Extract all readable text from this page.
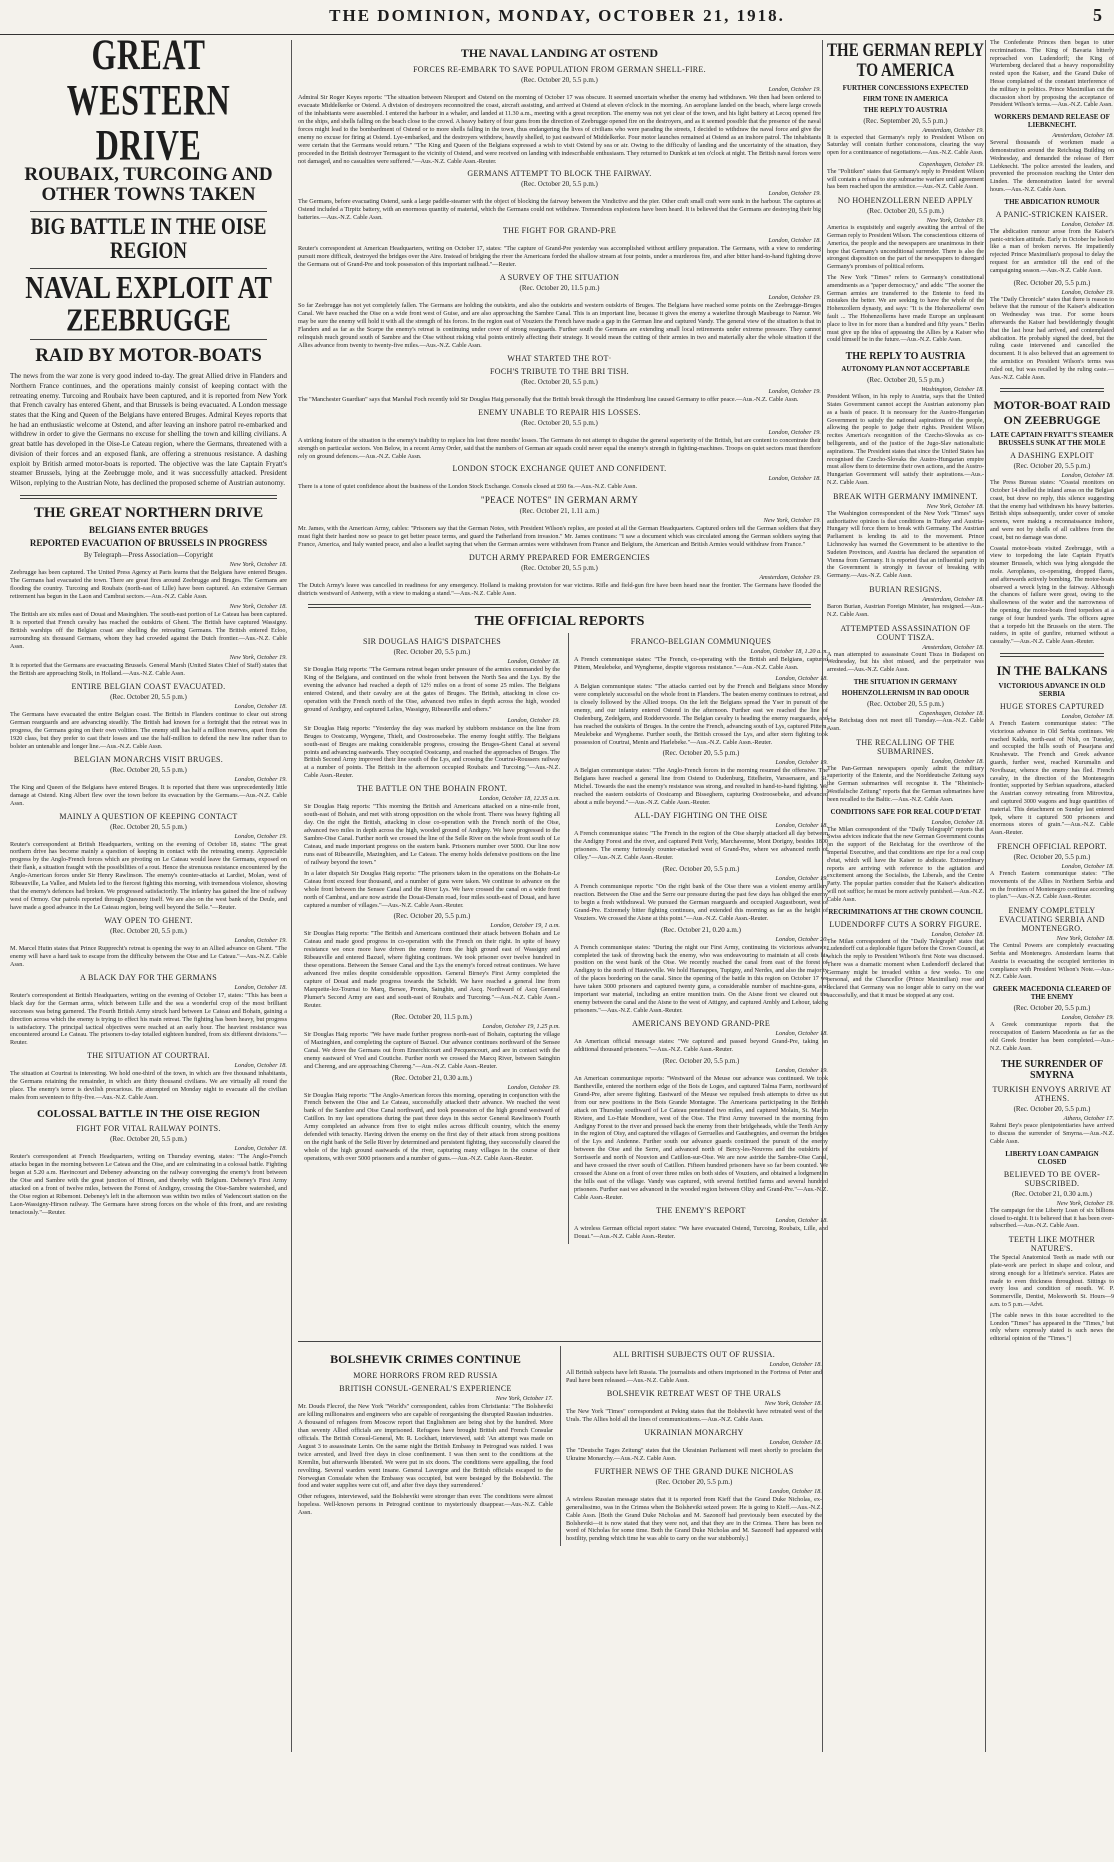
THE DOMINION, MONDAY, OCTOBER 21, 1918.	5
GREAT WESTERN DRIVE
ROUBAIX, TURCOING AND OTHER TOWNS TAKEN
BIG BATTLE IN THE OISE REGION
NAVAL EXPLOIT AT ZEEBRUGGE
RAID BY MOTOR-BOATS

The news from the war zone is very good indeed to-day. The great Allied drive in Flanders and Northern France continues, and the operations mainly consist of keeping contact with the retreating enemy. Turcoing and Roubaix have been captured, and it is reported from New York that French cavalry has entered Ghent, and that Brussels is being evacuated. A London message states that the King and Queen of the Belgians have entered Bruges. Admiral Keyes reports that he had an enthusiastic welcome at Ostend, and after leaving an inshore patrol re-embarked and withdrew in order to give the Germans no excuse for shelling the town and killing civilians. A great battle has developed in the Oise-Le Cateau region, where the Germans, threatened with a division of their forces and an exposed flank, are offering a strenuous resistance. A dashing exploit by British armed motor-boats is reported. The objective was the late Captain Fryatt's steamer Brussels, lying at the Zeebrugge mole, and it was successfully attacked. President Wilson, replying to the Austrian Note, has declined the proposed scheme of Austrian autonomy.

THE GREAT NORTHERN DRIVE
BELGIANS ENTER BRUGES
REPORTED EVACUATION OF BRUSSELS IN PROGRESS
By Telegraph—Press Association—Copyright
New York, October 18.

Zeebrugge has been captured. The United Press Agency at Paris learns that the Belgians have entered Bruges. The Germans had evacuated the town. There are great fires around Zeebrugge and Bruges. The Germans are flooding the country. Turcoing and Roubaix (north-east of Lille) have been captured. An extensive German retirement has begun in the Laon and Cambrai sectors.—Aus.-N.Z. Cable Assn.

New York, October 18.

The British are six miles east of Douai and Masinghien. The south-east portion of Le Cateau has been captured. It is reported that French cavalry has reached the outskirts of Ghent. The British have captured Wassigny. British warships off the Belgian coast are shelling the retreating Germans. The British entered Ecloo, surrounding six thousand Germans, whom they had crowded against the Dutch frontier.—Aus.-N.Z. Cable Assn.

New York, October 19.

It is reported that the Germans are evacuating Brussels. General Marsh (United States Chief of Staff) states that the British are approaching Stolk, in Holland.—Aus.-N.Z. Cable Assn.

ENTIRE BELGIAN COAST EVACUATED.
(Rec. October 20, 5.5 p.m.)
London, October 18.

The Germans have evacuated the entire Belgian coast. The British in Flanders continue to clear out strong German rearguards and are advancing steadily. The British had known for a fortnight that the retreat was in progress, the Germans going on their own volition. The enemy still has half a million reserves, apart from the 1920 class, but they prefer to cast their losses and use the half-million to defend the new line rather than to bolster an untenable and longer line.—Aus.-N.Z. Cable Assn.

BELGIAN MONARCHS VISIT BRUGES.
(Rec. October 20, 5.5 p.m.)
London, October 19.

The King and Queen of the Belgians have entered Bruges. It is reported that there was unprecedentedly little damage at Ostend. King Albert flew over the town before its evacuation by the Germans.—Aus.-N.Z. Cable Assn.

MAINLY A QUESTION OF KEEPING CONTACT
(Rec. October 20, 5.5 p.m.)
London, October 19.

Reuter's correspondent at British Headquarters, writing on the evening of October 18, states: "The great northern drive has become mainly a question of keeping in contact with the retreating enemy. Appreciable progress by the Anglo-French forces which are pivoting on Le Cateau would leave the Germans, exposed on their flank, a situation fraught with the possibilities of a rout. Hence the strenuous resistance encountered by the Anglo-American forces under Sir Henry Rawlinson. The enemy's counter-attacks at Lardiei, Molan, west of Ribeauville, La Vallee, and Mulets led to the fiercest fighting this morning, with tremendous violence, showing that the enemy's defences had broken. We progressed satisfactorily. The infantry has gained the line of railway west of Ormoy. Our patrols reported through Quesnoy itself. We are also on the west bank of the Deule, and have made a good advance in the Le Cateau region, being well beyond the Selle."—Reuter.

WAY OPEN TO GHENT.
(Rec. October 20, 5.5 p.m.)
London, October 19.

M. Marcel Hutin states that Prince Rupprecht's retreat is opening the way to an Allied advance on Ghent. "The enemy will have a hard task to escape from the difficulty between the Oise and Le Cateau."—Aus.-N.Z. Cable Assn.

A BLACK DAY FOR THE GERMANS
London, October 18.

Reuter's correspondent at British Headquarters, writing on the evening of October 17, states: "This has been a black day for the German arms, which between Lille and the sea a wonderful crop of the most brilliant successes was being garnered. The Fourth British Army struck hard between Le Cateau and Bohain, gaining a direction across which the enemy is trying to effect his main retreat. The fighting has been heavy, but progress is satisfactory. The principal tactical objectives were reached at an early hour. The heaviest resistance was encountered around Le Cateau. The prisoners to-day totalled eighteen hundred, from six different divisions."—Reuter.

THE SITUATION AT COURTRAI.
London, October 18.

The situation at Courtrai is interesting. We hold one-third of the town, in which are five thousand inhabitants, the Germans retaining the remainder, in which are thirty thousand civilians. We are virtually all round the place. The enemy's terror is devilish precarious. He attempted on Monday night to evacuate all the civilian males from seventeen to fifty-five.—Aus.-N.Z. Cable Assn.

COLOSSAL BATTLE IN THE OISE REGION
FIGHT FOR VITAL RAILWAY POINTS.
(Rec. October 20, 5.5 p.m.)
London, October 18.

Reuter's correspondent at French Headquarters, writing on Thursday evening, states: "The Anglo-French attacks began in the morning between Le Cateau and the Oise, and are culminating in a colossal battle. Fighting began at 5.20 a.m. Havincourt and Debeney advancing on the railway converging the enemy's front between the Oise and Sambre with the great junction of Hirson, and thereby with Belgium. Debeney's First Army attacked on a front of twelve miles, between the Forest of Andigny, crossing the Oise-Sambre watershed, and the Oise region at Ribemont. Debeney's left in the afternoon was within two miles of Vadencourt station on the Laon-Wassigny-Hirson railway. The Germans have strong forces on the whole of this front, and are resisting tenaciously."—Reuter.

THE NAVAL LANDING AT OSTEND
FORCES RE-EMBARK TO SAVE POPULATION FROM GERMAN SHELL-FIRE.
(Rec. October 20, 5.5 p.m.)
London, October 19.

Admiral Sir Roger Keyes reports: "The situation between Nieuport and Ostend on the morning of October 17 was obscure. It seemed uncertain whether the enemy had withdrawn. We then had been ordered to evacuate Middelkerke or Ostend. A division of destroyers reconnoitred the coast, aircraft assisting, and arrived at Ostend at eleven o'clock in the morning. An aeroplane landed on the beach, where large crowds of the inhabitants were assembled. I entered the harbour in a whaler, and landed at 11.30 a.m., meeting with a great reception. The enemy was not yet clear of the town, and his light battery at Lecoq opened fire on the ships, and shells falling on the beach close to the crowd. A heavy battery of four guns from the direction of Zeebrugge opened fire on the destroyers, and as it seemed possible that the presence of the naval forces might lead to the bombardment of Ostend or to more shells falling in the town, thus endangering the lives of civilians who were parading the streets, I decided to withdraw the naval force and give the enemy no excuse for firing at Ostend. Lye-embarked, and the destroyers withdrew, heavily shelled, to just eastward of Middelkerke. Four motor launches remained at Ostend as an inshore patrol. The inhabitants were certain that the Germans would return." "The King and Queen of the Belgians expressed a wish to visit Ostend by sea or air. Owing to the difficulty of landing and the uncertainty of the situation, they proceeded in the British destroyer Termagant to the vicinity of Ostend, and were received on landing with indescribable enthusiasm. They returned to Dunkirk at ten o'clock at night. The British naval forces were not damaged, and no casualties were suffered."—Aus.-N.Z. Cable Assn.-Reuter.

GERMANS ATTEMPT TO BLOCK THE FAIRWAY.
(Rec. October 20, 5.5 p.m.)
London, October 19.

The Germans, before evacuating Ostend, sank a large paddle-steamer with the object of blocking the fairway between the Vindictive and the pier. Other craft small craft were sunk in the harbour. The captures at Ostend included a Tirpitz battery, with an enormous quantity of material, which the Germans could not withdraw. Tremendous explosions have been heard. It is believed that the Germans are destroying their big batteries.—Aus.-N.Z. Cable Assn.

THE FIGHT FOR GRAND-PRE
London, October 18.

Reuter's correspondent at American Headquarters, writing on October 17, states: "The capture of Grand-Pre yesterday was accomplished without artillery preparation. The Germans, with a view to rendering pursuit more difficult, destroyed the bridges over the Aire. Instead of bridging the river the Americans forded the shallow stream at four points, under a murderous fire, and after bitter hand-to-hand fighting drove the Germans out of Grand-Pre and took possession of this important railhead."—Reuter.

A SURVEY OF THE SITUATION
(Rec. October 20, 11.5 p.m.)
London, October 19.

So far Zeebrugge has not yet completely fallen. The Germans are holding the outskirts, and also the outskirts and western outskirts of Bruges. The Belgians have reached some points on the Zeebrugge-Bruges Canal. We have reached the Oise on a wide front west of Guise, and are also approaching the Sambre Canal. This is an important line, because it gives the enemy a waterline through Maubeuge to Namur. We may be sure the enemy will hold it with all the strength of his forces. In the region east of Vouziers the French have made a gap in the German line and captured Vandy. The general view of the situation is that in Flanders and as far as the Scarpe the enemy's retreat is continuing under cover of strong rearguards. Further south the Germans are extending small local retirements under extreme pressure. They cannot relinquish much ground south of Sambre and the Oise without risking vital points entirely affecting their strategy. It would mean the cutting of their armies in two and materially alter the whole situation if the Allies advance from twenty to twenty-five miles.—Aus.-N.Z. Cable Assn.

WHAT STARTED THE ROT·
FOCH'S TRIBUTE TO THE BRI TISH.
(Rec. October 20, 5.5 p.m.)
London, October 19.

The "Manchester Guardian" says that Marshal Foch recently told Sir Douglas Haig personally that the British break through the Hindenburg line caused Germany to offer peace.—Aus.-N.Z. Cable Assn.

ENEMY UNABLE TO REPAIR HIS LOSSES.
(Rec. October 20, 5.5 p.m.)
London, October 19.

A striking feature of the situation is the enemy's inability to replace his lost three months' losses. The Germans do not attempt to disguise the general superiority of the British, but are content to concentrate their strength on particular sectors. Von Below, in a recent Army Order, said that the numbers of German air squads could never equal the enemy's strength in fighting-machines. Troops on quiet sectors must therefore rely on ground defences.—Aus.-N.Z. Cable Assn.

LONDON STOCK EXCHANGE QUIET AND CONFIDENT.
London, October 18.

There is a tone of quiet confidence about the business of the London Stock Exchange. Consols closed at £60 6s.—Aus.-N.Z. Cable Assn.

"PEACE NOTES" IN GERMAN ARMY
(Rec. October 21, 1.11 a.m.)
New York, October 19.

Mr. James, with the American Army, cables: "Prisoners say that the German Notes, with President Wilson's replies, are posted at all the German Headquarters. Captured orders tell the German soldiers that they must fight their hardest now so peace to get better peace terms, and guard the Fatherland from invasion." Mr. James continues: "I saw a document which was circulated among the German soldiers saying that France, America, and Italy wanted peace, and also a leaflet saying that when the German armies were withdrawn from France and Belgium, the American and British Armies would withdraw from France."

DUTCH ARMY PREPARED FOR EMERGENCIES
(Rec. October 20, 5.5 p.m.)
Amsterdam, October 19.

The Dutch Army's leave was cancelled in readiness for any emergency. Holland is making provision for war victims. Rifle and field-gun fire have been heard near the frontier. The Germans have flooded the districts westward of Antwerp, with a view to making a stand."—Aus.-N.Z. Cable Assn.

THE OFFICIAL REPORTS
SIR DOUGLAS HAIG'S DISPATCHES
(Rec. October 20, 5.5 p.m.)
London, October 18.

Sir Douglas Haig reports: "The Germans retreat began under pressure of the armies commanded by the King of the Belgians, and continued on the whole front between the North Sea and the Lys. By the evening the advance had reached a depth of 12½ miles on a front of some 25 miles. The Belgians entered Ostend, and their cavalry are at the gates of Bruges. The British, attacking in close co-operation with the French north of the Oise, advanced two miles in depth across the high, wooded ground of Andigny, and captured Lelies, Wassigny, Ribeauville and others."

London, October 19.

Sir Douglas Haig reports: "Yesterday the day was marked by stubborn resistance on the line from Bruges to Oostcamp, Wyngene, Thielt, and Oostroosebeke. The enemy fought stiffly. The Belgians south-east of Bruges are making considerable progress, crossing the Bruges-Ghent Canal at several points and advancing eastwards. They occupied Oostcamp, and reached the approaches of Bruges. The British Second Army improved their line south of the Lys, and crossing the Courtrai-Roussers railway at a number of points. The British in the afternoon occupied Roubaix and Turcoing."—Aus.-N.Z. Cable Assn.-Reuter.

THE BATTLE ON THE BOHAIN FRONT.
London, October 18, 12.35 a.m.

Sir Douglas Haig reports: "This morning the British and Americans attacked on a nine-mile front, south-east of Bohain, and met with strong opposition on the whole front. There was heavy fighting all day. On the right the British, attacking in close co-operation with the French north of the Oise, advanced two miles in depth across the high, wooded ground of Andigny. We have progressed to the Sambre-Oise Canal. Further north we crossed the line of the Selle River on the whole front south of Le Cateau, and made important progress on the eastern bank. Prisoners number over 5000. Our line now runs east of Ribeauville, Mazinghien, and Le Cateau. The enemy holds defensive positions on the line of railway beyond the town."

In a later dispatch Sir Douglas Haig reports: "The prisoners taken in the operations on the Bohain-Le Cateau front exceed four thousand, and a number of guns were taken. We continue to advance on the whole front between the Sensee Canal and the River Lys. We have crossed the canal on a wide front north of Cambrai, and are now astride the Douai-Denain road, four miles south-east of Douai, and have captured a number of villages."—Aus.-N.Z. Cable Assn.-Reuter.

(Rec. October 20, 5.5 p.m.)
London, October 19, 1 a.m.

Sir Douglas Haig reports: "The British and Americans continued their attack between Bohain and Le Cateau and made good progress in co-operation with the French on their right. In spite of heavy resistance we once more have driven the enemy from the high ground east of Wassigny and Ribeauville and entered Bazuel, where fighting continues. We took prisoner over twelve hundred in these operations. Between the Sensee Canal and the Lys the enemy's forced retreat continues. We have advanced five miles despite considerable opposition. General Birney's First Army completed the capture of Douai and made progress towards the Scheldt. We have reached a general line from Marquette-lez-Tournai to Marq, Bersee, Pronin, Sainghin, and Ascq. Northward of Ascq General Plumer's Second Army are east and south-east of Roubaix and Turcoing."—Aus.-N.Z. Cable Assn.-Reuter.

(Rec. October 20, 11.5 p.m.)
London, October 19, 1.25 p.m.

Sir Douglas Haig reports: "We have made further progress north-east of Bohain, capturing the village of Mazinghien, and completing the capture of Bazuel. Our advance continues northward of the Sensee Canal. We drove the Germans out from Emerchicourt and Pecquencourt, and are in contact with the enemy eastward of Vred and Coutiche. Further north we crossed the Marcq River, between Sainghin and Chereng, and are approaching Chereng."—Aus.-N.Z. Cable Assn.-Reuter.

(Rec. October 21, 0.30 a.m.)
London, October 19.

Sir Douglas Haig reports: "The Anglo-American forces this morning, operating in conjunction with the French between the Oise and Le Cateau, successfully attacked their advance. We reached the west bank of the Sambre and Oise Canal northward, and took possession of the high ground westward of Catillon. In my last operations during the past three days in this sector General Rawlinson's Fourth Army completed an advance from five to eight miles across difficult country, which the enemy defended with tenacity. Having driven the enemy on the first day of their attack from strong positions on the right bank of the Selle River by determined and persistent fighting, they successfully cleared the whole of the high ground eastwards of the river, capturing many villages in the course of their operations, with over 5000 prisoners and a number of guns.—Aus.-N.Z. Cable Assn.-Reuter.

FRANCO-BELGIAN COMMUNIQUES
London, October 18, 1.20 a.m.

A French communique states: "The French, co-operating with the British and Belgians, captured Pittem, Meulebeke, and Wyngheme, despite vigorous resistance."—Aus.-N.Z. Cable Assn.

London, October 18.

A Belgian communique states: "The attacks carried out by the French and Belgians since Monday were completely successful on the whole front in Flanders. The beaten enemy continues to retreat, and is closely followed by the Allied troops. On the left the Belgians spread the Yser in pursuit of the enemy, and our infantry entered Ostend in the afternoon. Further east we reached the line of Oudenburg, Zedelgem, and Roddervoorde. The Belgian cavalry is heading the enemy rearguards, and has reached the outskirts of Bruges. In the centre the French, advancing south of Lys, captured Pittem, Meulebeke and Wyngheme. Further south, the British crossed the Lys, and after stern fighting took possession of Courtrai, Menin and Harlebeke."—Aus.-N.Z. Cable Assn.-Reuter.

(Rec. October 20, 5.5 p.m.)
London, October 19.

A Belgian communique states: "The Anglo-French forces in the morning resumed the offensive. The Belgians have reached a general line from Ostend to Oudenburg, Ettelheim, Varssenaere, and St. Michel. Towards the east the enemy's resistance was strong, and resulted in hand-to-hand fighting. We reached the eastern outskirts of Oostcamp and Bisseghem, capturing Oostroosebeke, and advanced about a mile beyond."—Aus.-N.Z. Cable Assn.-Reuter.

ALL-DAY FIGHTING ON THE OISE
London, October 18.

A French communique states: "The French in the region of the Oise sharply attacked all day between the Andigny Forest and the river, and captured Petit Verly, Marchavenne, Mont Dorigny, besides 1800 prisoners. The enemy furiously counter-attacked west of Grand-Pre, where we advanced north of Olley."—Aus.-N.Z. Cable Assn.-Reuter.

(Rec. October 20, 5.5 p.m.)
London, October 19.

A French communique reports: "On the right bank of the Oise there was a violent enemy artillery reaction. Between the Oise and the Serre our pressure during the past few days has obliged the enemy to begin a fresh withdrawal. We pursued the German rearguards and occupied Augustbourt, west of Grand-Pre. Extremely bitter fighting continues, and extended this morning as far as the height of Vouziers. We crossed the Aisne at this point."—Aus.-N.Z. Cable Assn.-Reuter.

(Rec. October 21, 0.20 a.m.)
London, October 20.

A French communique states: "During the night our First Army, continuing its victorious advance, completed the task of throwing back the enemy, who was endeavouring to maintain at all costs his position on the west bank of the Oise. We recently reached the canal from east of the forest of Andigny to the north of Hautevville. We hold Hannappes, Tupigny, and Nerdes, and also the majority of the places bordering on the canal. Since the opening of the battle in this region on October 17 we have taken 3000 prisoners and captured twenty guns, a considerable number of machine-guns, and important war material, including an entire munition train. On the Aisne front we cleared out the enemy between the canal and the Aisne to the west of Attigny, and captured Ambly and Lehour, taking prisoners."—Aus.-N.Z. Cable Assn.-Reuter.

AMERICANS BEYOND GRAND-PRE
London, October 18.

An American official message states: "We captured and passed beyond Grand-Pre, taking an additional thousand prisoners."—Aus.-N.Z. Cable Assn.-Reuter.

(Rec. October 20, 5.5 p.m.)
London, October 19.

An American communique reports: "Westward of the Meuse our advance was continued. We took Bantheville, entered the northern edge of the Bois de Loges, and captured Talma Farm, northward of Grand-Pre, after severe fighting. Eastward of the Meuse we repulsed fresh attempts to drive us out from our new positions in the Bois Grande Montagne. The Americans participating in the British attack on Thursday southward of Le Cateau penetrated two miles, and captured Molain, St. Martin Riviere, and Lo-Haie Mondiere, west of the Oise. The First Army traversed in the morning from Andigny Forest to the river and pressed back the enemy from their bridgeheads, while the Tenth Army in the region of Oisy, and captured the villages of Gerruelles and Gauthegnies, and overran the bridges of the Lys and Andenne. Further south our advance guards continued the pursuit of the enemy between the Oise and the Serre, and advanced north of Bercy-les-Nouvres and the outskirts of Sorrisserle and north of Nouvion and Catillon-sur-Oise. We are now astride the Sambre-Oise Canal, and have crossed the river south of Catillon. Fifteen hundred prisoners have so far been counted. We crossed the Aisne on a front of over three miles on both sides of Vouziers, and obtained a lodgment in the hills east of the village. Vandy was captured, with several fortified farms and several hundred prisoners. Further east we advanced in the wooded region between Olizy and Grand-Pre."—Aus.-N.Z. Cable Assn.-Reuter.

THE ENEMY'S REPORT
London, October 18.

A wireless German official report states: "We have evacuated Ostend, Turcoing, Roubaix, Lille, and Douai."—Aus.-N.Z. Cable Assn.-Reuter.

BOLSHEVIK CRIMES CONTINUE
MORE HORRORS FROM RED RUSSIA
BRITISH CONSUL-GENERAL'S EXPERIENCE
New York, October 17.

Mr. Douds Flecrof, the New York "World's" correspondent, cables from Christiania: "The Bolsheviki are killing millionaires and engineers who are capable of reorganising the disrupted Russian industries. A thousand of refugees from Moscow report that Englishmen are being shot by the hundred. More than seventy Allied officials are imprisoned. Refugees have brought British and French Consular officials. The British Consul-General, Mr. R. Lockhart, interviewed, said: 'An attempt was made on August 3 to assassinate Lenin. On the same night the British Embassy in Petrograd was raided. I was twice arrested, and lived five days in close confinement. I was then sent to the conditions at the Kremlin, but afterwards liberated. We were put in six doors. The conditions were appalling, the food revolting. Several warders went insane. General Lavergne and the British officials escaped to the Norwegian Consulate when the Embassy was occupied, but were besieged by the Bolsheviki. The food and water supplies were cut off, and after five days they surrendered.'

Other refugees, interviewed, said the Bolsheviki were stronger than ever. The conditions were almost hopeless. Well-known persons in Petrograd continue to mysteriously disappear.—Aus.-N.Z. Cable Assn.

ALL BRITISH SUBJECTS OUT OF RUSSIA.
London, October 18.

All British subjects have left Russia. The journalists and others imprisoned in the Fortress of Peter and Paul have been released.—Aus.-N.Z. Cable Assn.

BOLSHEVIK RETREAT WEST OF THE URALS
New York, October 18.

The New York "Times" correspondent at Peking states that the Bolsheviki have retreated west of the Urals. The Allies hold all the lines of communications.—Aus.-N.Z. Cable Assn.

UKRAINIAN MONARCHY
London, October 18.

The "Deutsche Tages Zeitung" states that the Ukrainian Parliament will meet shortly to proclaim the Ukraine Monarchy.—Aus.-N.Z. Cable Assn.

FURTHER NEWS OF THE GRAND DUKE NICHOLAS
(Rec. October 20, 5.5 p.m.)
London, October 18.

A wireless Russian message states that it is reported from Kieff that the Grand Duke Nicholas, ex-generalissimo, was in the Crimea when the Bolsheviki seized power. He is going to Kieff.—Aus.-N.Z. Cable Assn. [Both the Grand Duke Nicholas and M. Sazonoff had previously been executed by the Bolsheviki—it is now stated that they were not, and that they are in the Crimea. There has been no word of Nicholas for some time. Both the Grand Duke Nicholas and M. Sazonoff had appeared with hostility, pending which time he was able to carry on the war stubbornly.]

THE GERMAN REPLY TO AMERICA
FURTHER CONCESSIONS EXPECTED
FIRM TONE IN AMERICA
THE REPLY TO AUSTRIA
(Rec. September 20, 5.5 p.m.)
Amsterdam, October 19.

It is expected that Germany's reply to President Wilson on Saturday will contain further concessions, clearing the way open for a continuance of negotiations.—Aus.-N.Z. Cable Assn.

Copenhagen, October 19.

The "Politiken" states that Germany's reply to President Wilson will contain a refusal to stop submarine warfare until agreement has been reached upon the armistice.—Aus.-N.Z. Cable Assn.

NO HOHENZOLLERN NEED APPLY
(Rec. October 20, 5.5 p.m.)
New York, October 19.

America is exquisitely and eagerly awaiting the arrival of the German reply to President Wilson. The conscientious citizens of America, the people and the newspapers are unanimous in their hope that Germany's unconditional surrender. There is also the strongest disposition on the part of the newspapers to disregard Germany's promises of political reform.

The New York "Times" refers to Germany's constitutional amendments as a "paper democracy," and adds: "The sooner the German armies are transferred to the Entente to feed its mistakes the better. We are seeking to have the whole of the Hohenzollern dynasty, and says: "It is the Hohenzollerns' own fault ... The Hohenzollerns have made Europe an unpleasant place to live in for more than a hundred and fifty years." Berlin must give up the idea of appeasing the Allies by a Kaiser who could himself be in the future.—Aus.-N.Z. Cable Assn.

THE REPLY TO AUSTRIA
AUTONOMY PLAN NOT ACCEPTABLE
(Rec. October 20, 5.5 p.m.)
Washington, October 18.

President Wilson, in his reply to Austria, says that the United States Government cannot accept the Austrian autonomy plan as a basis of peace. It is necessary for the Austro-Hungarian Government to satisfy the national aspirations of the people, allowing the people to judge their rights. President Wilson recites America's recognition of the Czecho-Slovaks as co-belligerents, and of the justice of the Jugo-Slav nationalistic aspirations. The President states that since the United States has recognised the Czecho-Slovaks the Austro-Hungarian empire must allow them to determine their own actions, and the Austro-Hungarian Government will satisfy their aspirations.—Aus.-N.Z. Cable Assn.

BREAK WITH GERMANY IMMINENT.
New York, October 18.

The Washington correspondent of the New York "Times" says authoritative opinion is that conditions in Turkey and Austria-Hungary will force them to break with Germany. The Austrian Parliament is lending its aid to the movement. Prince Lichnowsky has warned the Government to be attentive to the Sudeten Provinces, and Austria has declared the separation of Vienna from Germany. It is reported that an influential party in the Government is strongly in favour of breaking with Germany.—Aus.-N.Z. Cable Assn.

BURIAN RESIGNS.
Amsterdam, October 18.

Baron Burian, Austrian Foreign Minister, has resigned.—Aus.-N.Z. Cable Assn.

ATTEMPTED ASSASSINATION OF COUNT TISZA.
Amsterdam, October 18.

A man attempted to assassinate Count Tisza in Budapest on Wednesday, but his shot missed, and the perpetrator was arrested.—Aus.-N.Z. Cable Assn.

THE SITUATION IN GERMANY
HOHENZOLLERNISM IN BAD ODOUR
(Rec. October 20, 5.5 p.m.)
Copenhagen, October 18.

The Reichstag does not meet till Tuesday.—Aus.-N.Z. Cable Assn.

THE RECALLING OF THE SUBMARINES.
London, October 18.

The Pan-German newspapers openly admit the military superiority of the Entente, and the Norddeutsche Zeitung says the German submarines will recognise it. The "Rheinisch-Westfalische Zeitung" reports that the German submarines have been recalled to the Baltic.—Aus.-N.Z. Cable Assn.

CONDITIONS SAFE FOR REAL COUP D'ETAT
London, October 18.

The Milan correspondent of the "Daily Telegraph" reports that Swiss advices indicate that the new German Government counts on the support of the Reichstag for the overthrow of the Imperial Executive, and that conditions are ripe for a real coup d'etat, which will have the Kaiser to abdicate. Extraordinary reports are arriving with reference to the agitation and excitement among the Socialists, the Liberals, and the Centre Party. The popular parties consider that the Kaiser's abdication will not suffice; he must be more actively punished.—Aus.-N.Z. Cable Assn.

RECRIMINATIONS AT THE CROWN COUNCIL
LUDENDORFF CUTS A SORRY FIGURE.
London, October 18.

The Milan correspondent of the "Daily Telegraph" states that Ludendorff cut a deplorable figure before the Crown Council, at which the reply to President Wilson's first Note was discussed. There was a dramatic moment when Ludendorff declared that Germany might be invaded within a few weeks. To one personal, and the Chancellor (Prince Maximilian) rose and declared that Germany was no longer able to carry on the war successfully, and that it must be stopped at any cost.

The Confederate Princes then began to utter recriminations. The King of Bavaria bitterly reproached von Ludendorff; the King of Wurtemberg declared that a heavy responsibility rested upon the Kaiser, and the Grand Duke of Hesse complained of the constant interference of the military in politics. Prince Maximilian cut the discussion short by proposing the acceptance of President Wilson's terms.—Aus.-N.Z. Cable Assn.

WORKERS DEMAND RELEASE OF LIEBKNECHT.
Amsterdam, October 18.

Several thousands of workmen made a demonstration around the Reichstag Building on Wednesday, and demanded the release of Herr Liebknecht. The police arrested the leaders, and prevented the procession reaching the Unter den Linden. The demonstration lasted for several hours.—Aus.-N.Z. Cable Assn.

THE ABDICATION RUMOUR
A PANIC-STRICKEN KAISER.
London, October 18.

The abdication rumour arose from the Kaiser's panic-stricken attitude. Early in October he looked like a man of broken nerves. He impatiently rejected Prince Maximilian's proposal to delay the request for an armistice till the end of the campaigning season.—Aus.-N.Z. Cable Assn.

(Rec. October 20, 5.5 p.m.)
London, October 19.

The "Daily Chronicle" states that there is reason to believe that the rumour of the Kaiser's abdication on Wednesday was true. For some hours afterwards the Kaiser had bewilderingly thought that the last hour had arrived, and contemplated abdication. He probably signed the deed, but the ruling caste intervened and cancelled the document. It is also believed that an agreement to the armistice on President Wilson's terms was ruled out, but was recalled by the ruling caste.—Aus.-N.Z. Cable Assn.

MOTOR-BOAT RAID ON ZEEBRUGGE
LATE CAPTAIN FRYATT'S STEAMER BRUSSELS SUNK AT THE MOLE
A DASHING EXPLOIT
(Rec. October 20, 5.5 p.m.)
London, October 18.

The Press Bureau states: "Coastal monitors on October 14 shelled the inland areas on the Belgian coast, but drew no reply, this silence suggesting that the enemy had withdrawn his heavy batteries. British ships subsequently, under cover of smoke screens, were making a reconnaissance inshore, and were not by shells of all calibres from the coast, but no damage was done.

Coastal motor-boats visited Zeebrugge, with a view to torpedoing the late Captain Fryatt's steamer Brussels, which was lying alongside the mole. Aeroplanes, co-operating, dropped flares, and afterwards actively bombing. The motor-boats observed a wreck lying in the fairway. Although the chances of failure were great, owing to the shallowness of the water and the narrowness of the opening, the motor-boats fired torpedoes at a range of four hundred yards. The officers agree that a torpedo hit the Brussels on the stern. The raiders, in spite of gunfire, returned without a casualty."—Aus.-N.Z. Cable Assn.-Reuter.

IN THE BALKANS
VICTORIOUS ADVANCE IN OLD SERBIA
HUGE STORES CAPTURED
London, October 18.

A French Eastern communique states: "The victorious advance in Old Serbia continues. We reached Kalda, north-east of Nish, on Tuesday, and occupied the hills south of Pasarjana and Krushevatz. The French and Greek advance guards, further west, reached Kurumalin and Novibazar, whence the enemy has fled. French cavalry, in the direction of the Montenegrin frontier, supported by Serbian squadrons, attacked the Austrian convoy retreating from Mitrovitza, and captured 3000 wagons and huge quantities of material. This detachment on Sunday last entered Ipek, where it captured 500 prisoners and enormous stores of grain."—Aus.-N.Z. Cable Assn.-Reuter.

FRENCH OFFICIAL REPORT.
(Rec. October 20, 5.5 p.m.)
London, October 18.

A French Eastern communique states: "The movements of the Allies in Northern Serbia and on the frontiers of Montenegro continue according to plan."—Aus.-N.Z. Cable Assn.-Reuter.

ENEMY COMPLETELY EVACUATING SERBIA AND MONTENEGRO.
New York, October 18.

The Central Powers are completely evacuating Serbia and Montenegro. Amsterdam learns that Austria is evacuating the occupied territories in compliance with President Wilson's Note.—Aus.-N.Z. Cable Assn.

GREEK MACEDONIA CLEARED OF THE ENEMY
(Rec. October 20, 5.5 p.m.)
London, October 19.

A Greek communique reports that the reoccupation of Eastern Macedonia as far as the old Greek frontier has been completed.—Aus.-N.Z. Cable Assn.

THE SURRENDER OF SMYRNA
TURKISH ENVOYS ARRIVE AT ATHENS.
(Rec. October 20, 5.5 p.m.)
Athens, October 17.

Rahmi Bey's peace plenipotentiaries have arrived to discuss the surrender of Smyrna.—Aus.-N.Z. Cable Assn.

LIBERTY LOAN CAMPAIGN CLOSED
BELIEVED TO BE OVER-SUBSCRIBED.
(Rec. October 21, 0.30 a.m.)
New York, October 19.

The campaign for the Liberty Loan of six billions closed to-night. It is believed that it has been over-subscribed.—Aus.-N.Z. Cable Assn.

TEETH LIKE MOTHER NATURE'S.

The Special Anatomical Teeth as made with our plate-work are perfect in shape and colour, and strong enough for a lifetime's service. Plates are made to even thickness throughout. Sittings to every loss and condition of mouth. W. P. Sommerville, Dentist, Molesworth St. Hours—9 a.m. to 5 p.m.—Advt.

[The cable news in this issue accredited to the London "Times" has appeared in the "Times," but only where expressly stated is such news the editorial opinion of the "Times."]
